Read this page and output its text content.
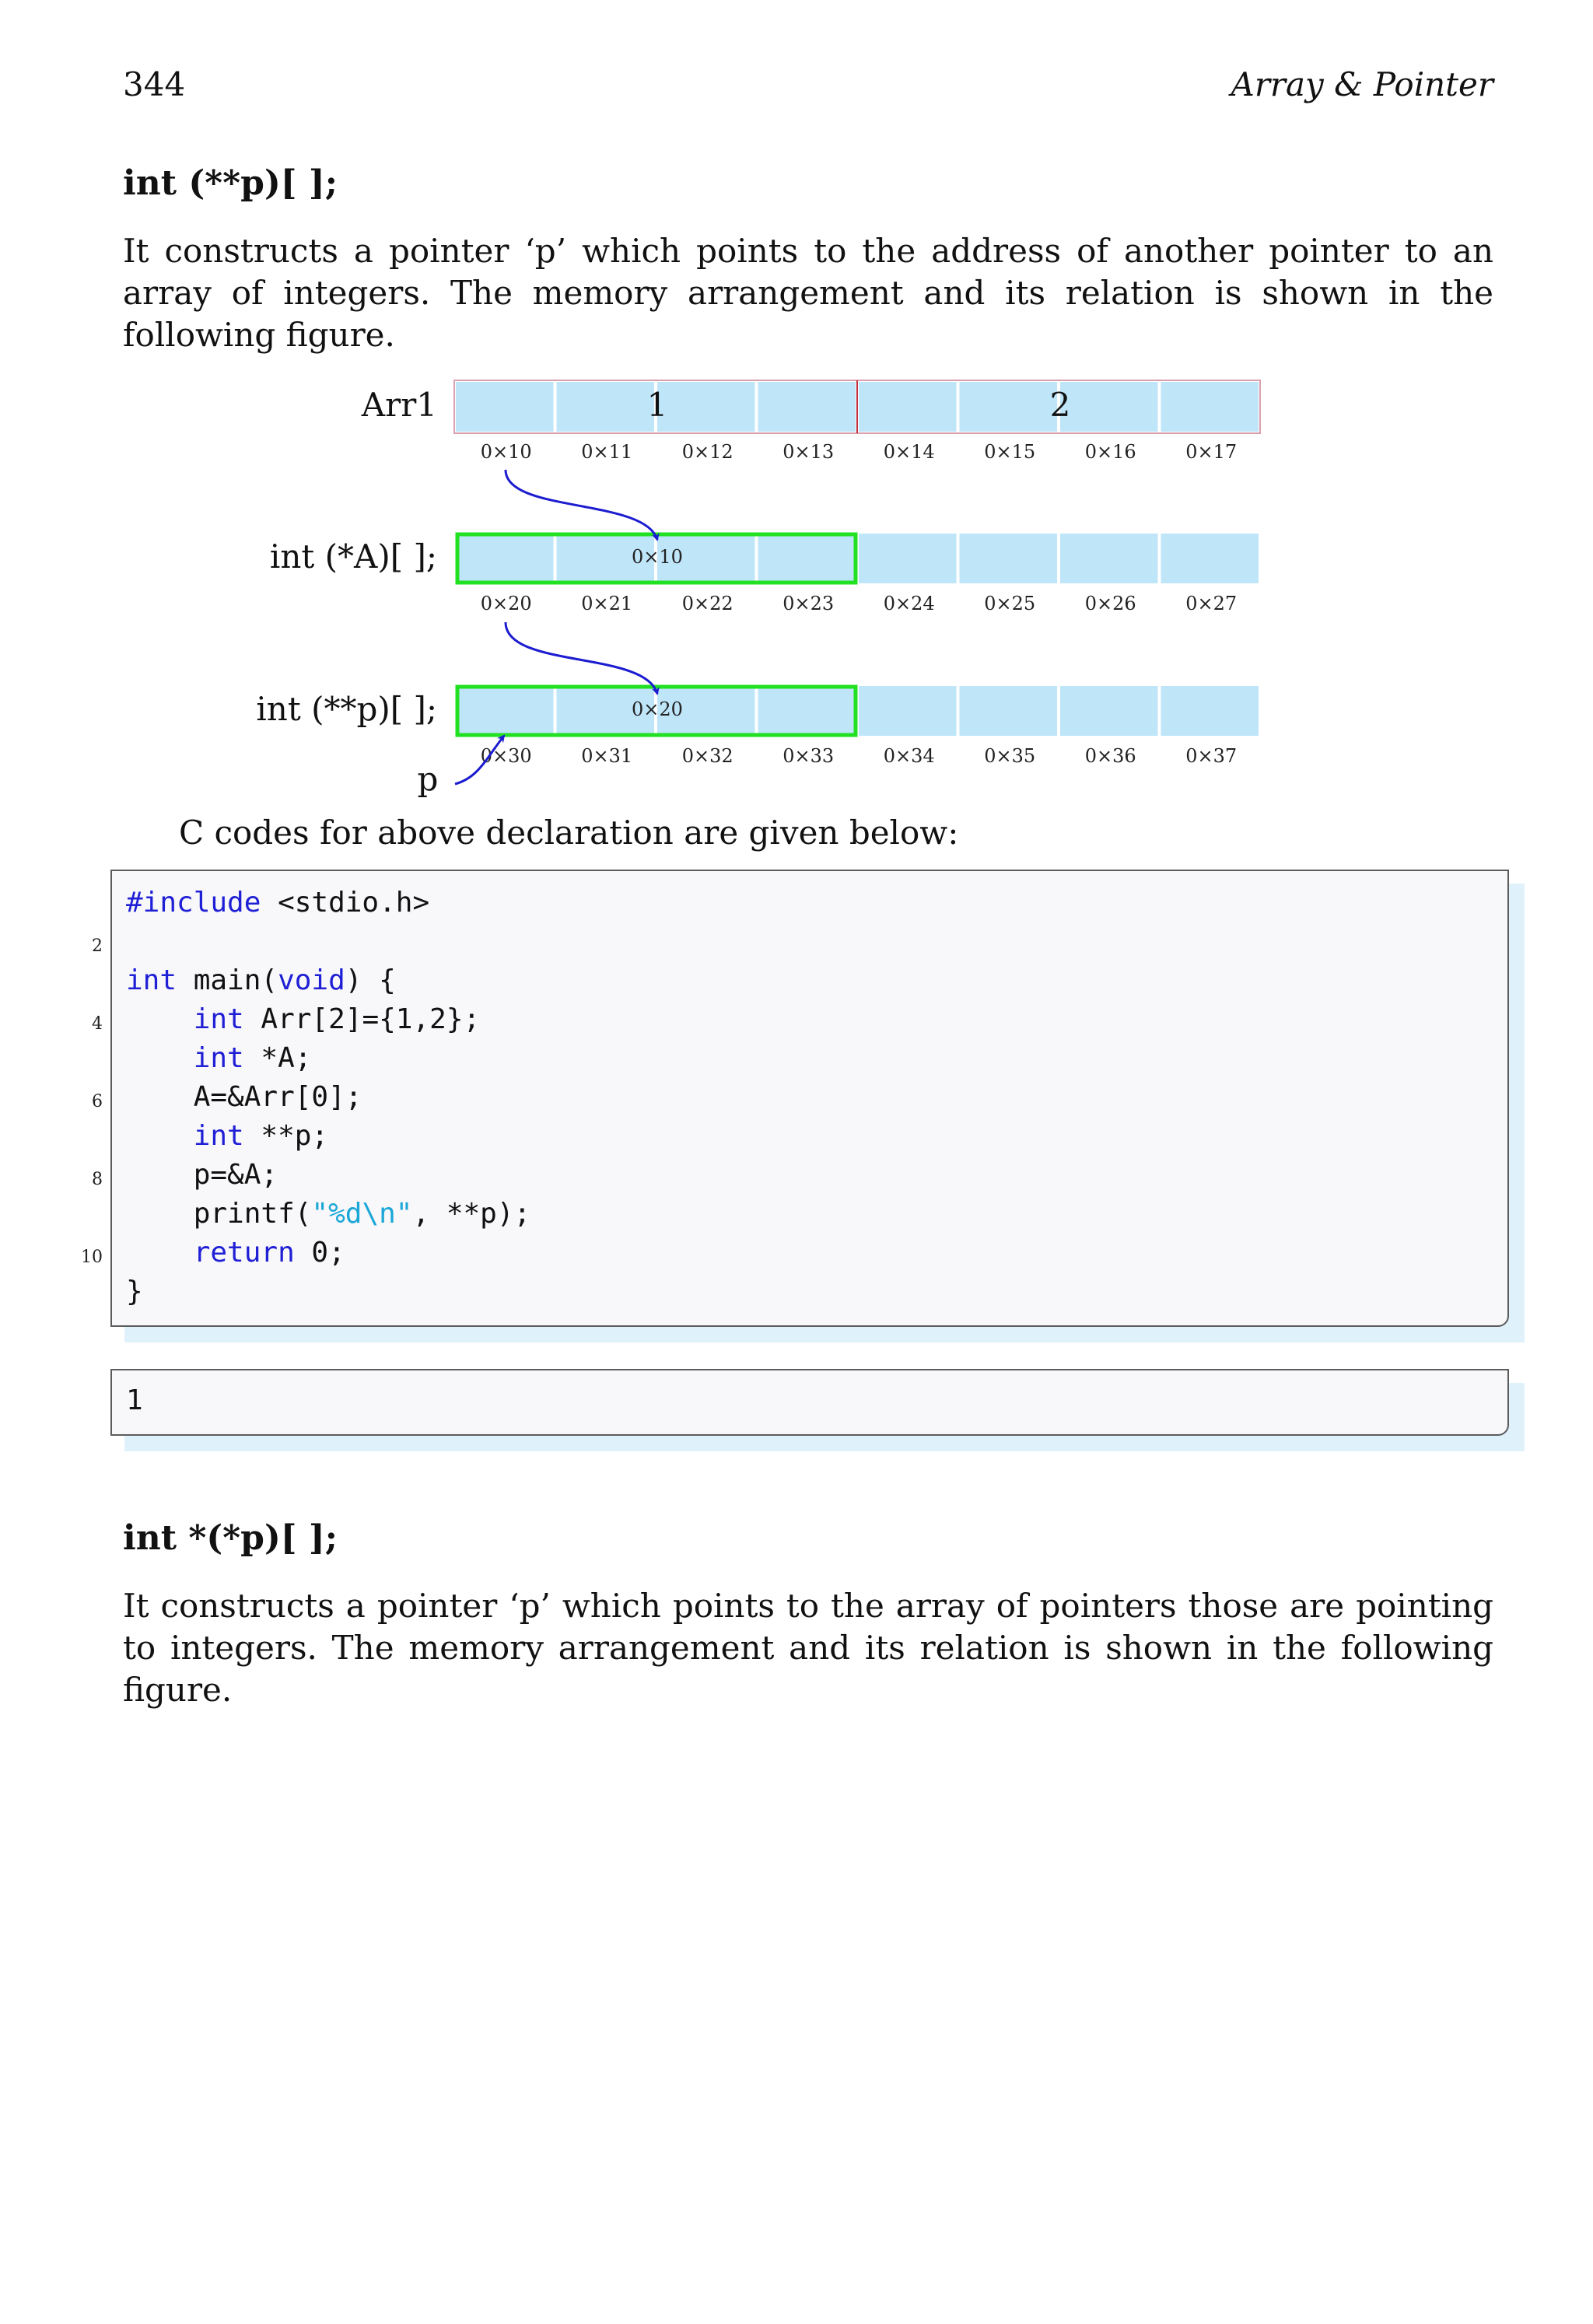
344	Array & Pointer
int (**p)[ ];
It constructs a pointer ‘p’ which points to the address of another pointer to an array of integers. The memory arrangement and its relation is shown in the following figure.
Arr1
0×10	0×11	0×12	0×13	0×14	0×15	0×16	0×17
1	2
int (*A)[ ];
0×20	0×21	0×22	0×23	0×24	0×25	0×26	0×27
0×10
int (**p)[ ];
0×30	0×31	0×32	0×33	0×34	0×35	0×36	0×37
0×20
p
C codes for above declaration are given below:
#include <stdio.h>
int main(void) {
int Arr[2]={1,2};
int *A;
A=&Arr[0];
int **p;
p=&A;
printf("%d\n", **p);
return 0;
}
2
4
6
8
10
1
int *(*p)[ ];
It constructs a pointer ‘p’ which points to the array of pointers those are pointing to integers. The memory arrangement and its relation is shown in the following figure.
